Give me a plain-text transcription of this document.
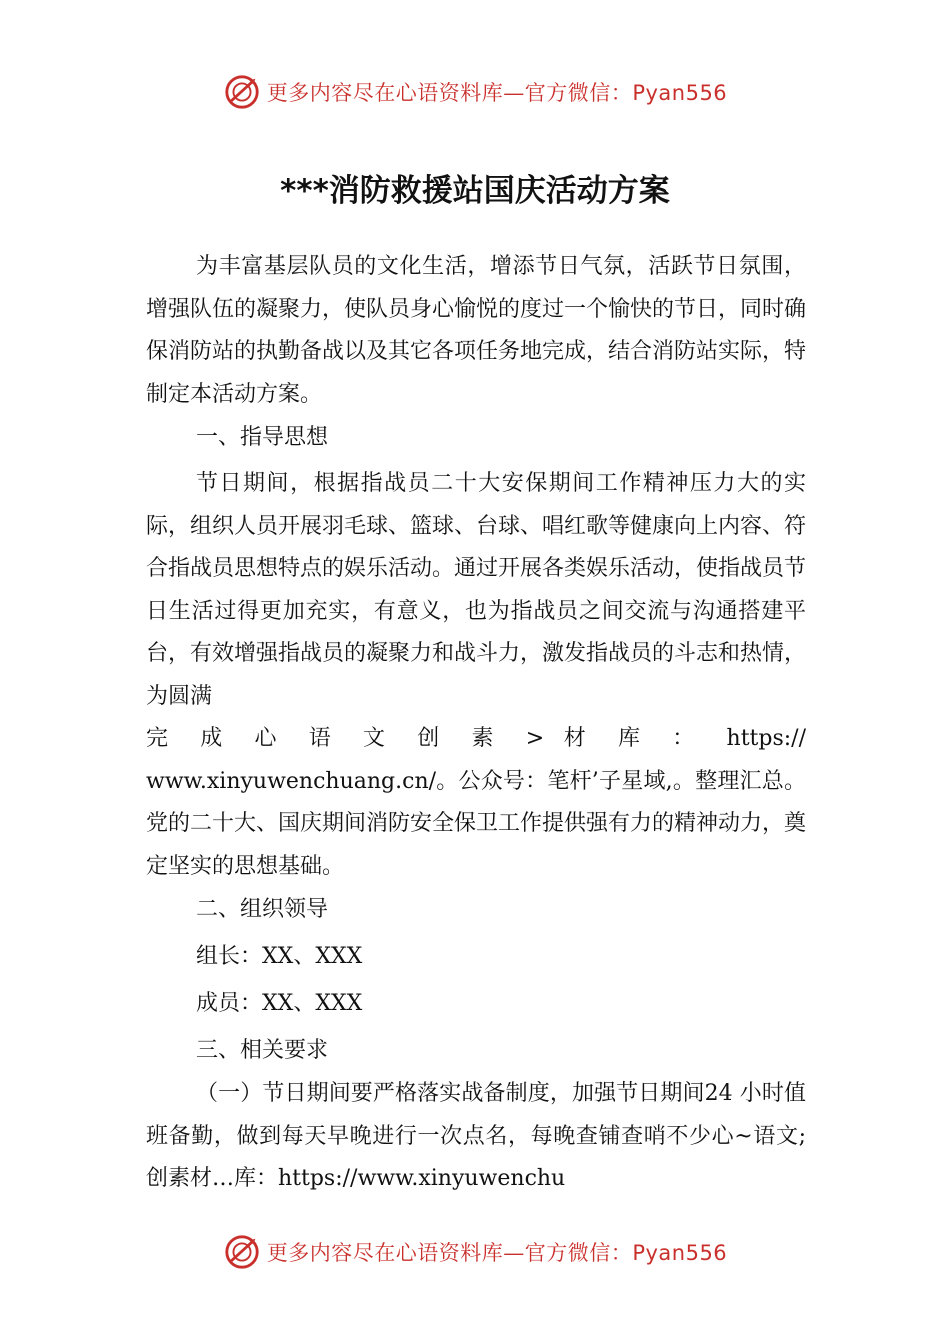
更多内容尽在心语资料库—官方微信：Pyan556
***消防救援站国庆活动方案

为丰富基层队员的文化生活，增添节日气氛，活跃节日氛围，增强队伍的凝聚力，使队员身心愉悦的度过一个愉快的节日，同时确保消防站的执勤备战以及其它各项任务地完成，结合消防站实际，特制定本活动方案。

一、指导思想

节日期间，根据指战员二十大安保期间工作精神压力大的实际，组织人员开展羽毛球、篮球、台球、唱红歌等健康向上内容、符合指战员思想特点的娱乐活动。通过开展各类娱乐活动，使指战员节日生活过得更加充实，有意义，也为指战员之间交流与沟通搭建平台，有效增强指战员的凝聚力和战斗力，激发指战员的斗志和热情，为圆满

完 成 心 语 文 创 素 > 材 库 ： https://

www.xinyuwenchuang.cn/。公众号：笔杆’子星域,。整理汇总。党的二十大、国庆期间消防安全保卫工作提供强有力的精神动力，奠定坚实的思想基础。

二、组织领导

组长：XX、XXX

成员：XX、XXX

三、相关要求

（一）节日期间要严格落实战备制度，加强节日期间24 小时值班备勤，做到每天早晚进行一次点名，每晚查铺查哨不少心~语文;创素材…库：https://www.xinyuwenchu

更多内容尽在心语资料库—官方微信：Pyan556
